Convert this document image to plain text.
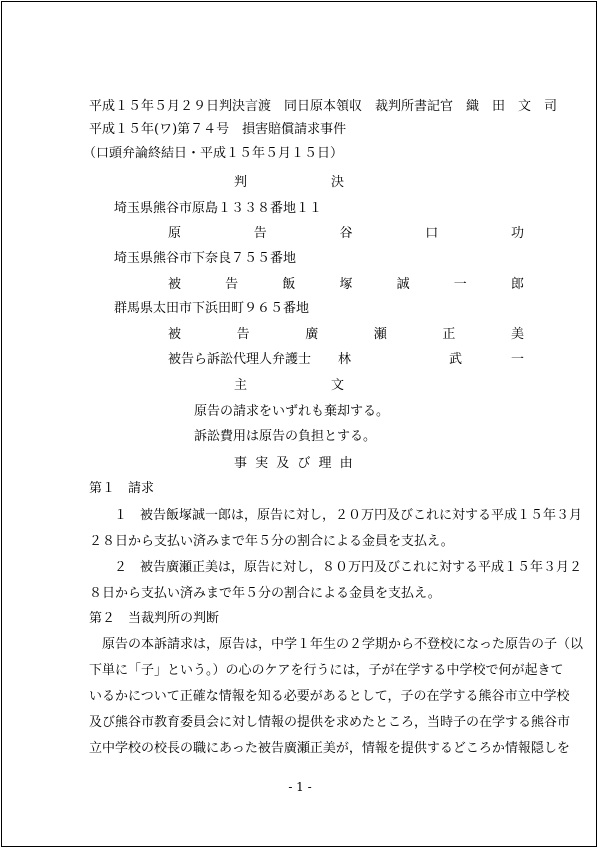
平成１５年５月２９日判決言渡　同日原本領収　裁判所書記官　織　田　文　司
平成１５年(ワ)第７４号　損害賠償請求事件
（口頭弁論終結日・平成１５年５月１５日）
判	決
埼玉県熊谷市原島１３３８番地１１
原	告	谷	口	功
埼玉県熊谷市下奈良７５５番地
被	告	飯	塚	誠	一	郎
群馬県太田市下浜田町９６５番地
被	告	廣	瀬	正	美
被告ら訴訟代理人弁護士 林	武	一
主	文
原告の請求をいずれも棄却する。
訴訟費用は原告の負担とする。
事 実 及 び 理 由
第１　請求
１　被告飯塚誠一郎は，原告に対し，２０万円及びこれに対する平成１５年３月
２８日から支払い済みまで年５分の割合による金員を支払え。
２　被告廣瀬正美は，原告に対し，８０万円及びこれに対する平成１５年３月２
８日から支払い済みまで年５分の割合による金員を支払え。
第２　当裁判所の判断
原告の本訴請求は，原告は，中学１年生の２学期から不登校になった原告の子（以
下単に「子」という。）の心のケアを行うには，子が在学する中学校で何が起きて
いるかについて正確な情報を知る必要があるとして，子の在学する熊谷市立中学校
及び熊谷市教育委員会に対し情報の提供を求めたところ，当時子の在学する熊谷市
立中学校の校長の職にあった被告廣瀬正美が，情報を提供するどころか情報隠しを
- 1 -
